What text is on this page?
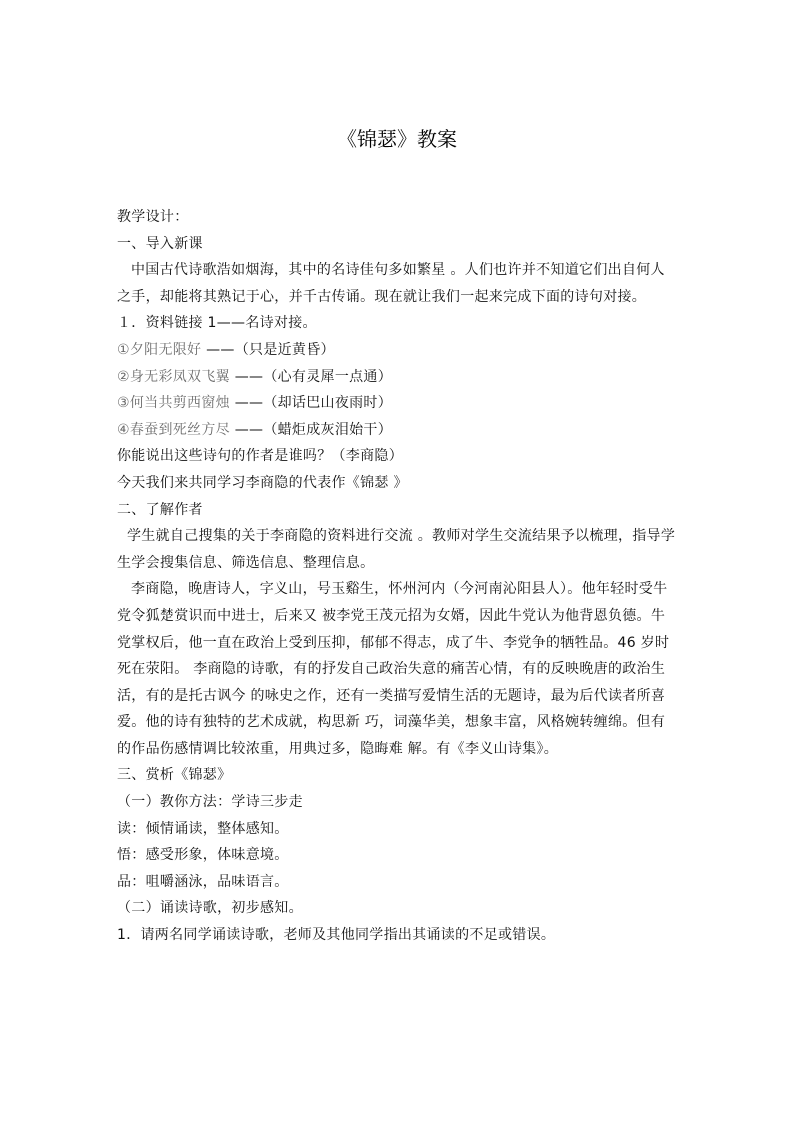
《锦瑟》教案
教学设计：
一、导入新课
中国古代诗歌浩如烟海，其中的名诗佳句多如繁星 。人们也许并不知道它们出自何人之手，却能将其熟记于心，并千古传诵。现在就让我们一起来完成下面的诗句对接。
１．资料链接 1——名诗对接。
①夕阳无限好 ——（只是近黄昏）
②身无彩凤双飞翼 ——（心有灵犀一点通）
③何当共剪西窗烛 ——（却话巴山夜雨时）
④春蚕到死丝方尽 ——（蜡炬成灰泪始干）
你能说出这些诗句的作者是谁吗？（李商隐）
今天我们来共同学习李商隐的代表作《锦瑟 》
二、了解作者
学生就自己搜集的关于李商隐的资料进行交流 。教师对学生交流结果予以梳理，指导学生学会搜集信息、筛选信息、整理信息。
李商隐，晚唐诗人，字义山，号玉谿生，怀州河内（今河南沁阳县人）。他年轻时受牛党令狐楚赏识而中进士，后来又 被李党王茂元招为女婿，因此牛党认为他背恩负德。牛党掌权后，他一直在政治上受到压抑，郁郁不得志，成了牛、李党争的牺牲品。46 岁时死在荥阳。 李商隐的诗歌，有的抒发自己政治失意的痛苦心情，有的反映晚唐的政治生活，有的是托古讽今 的咏史之作，还有一类描写爱情生活的无题诗，最为后代读者所喜爱。他的诗有独特的艺术成就，构思新 巧，词藻华美，想象丰富，风格婉转缠绵。但有的作品伤感情调比较浓重，用典过多，隐晦难 解。有《李义山诗集》。
三、赏析《锦瑟》
（一）教你方法：学诗三步走
读：倾情诵读，整体感知。
悟：感受形象，体味意境。
品：咀嚼涵泳，品味语言。
（二）诵读诗歌，初步感知。
1．请两名同学诵读诗歌，老师及其他同学指出其诵读的不足或错误。
